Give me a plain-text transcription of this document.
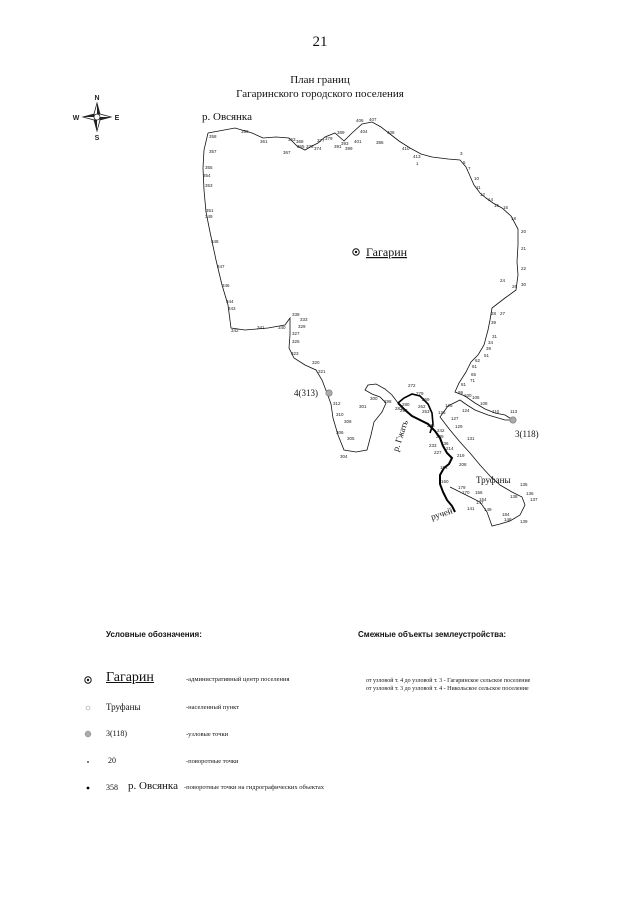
21
План границ
Гагаринского городского поселения
N
S
W	E
Гагарин
4(313)
3(118)
р. Овсянка
Труфаны
ручей
р. Гжать
359
358
361
357
363
367
365 373 374
377 379
389
393
399
401
404
406 407
408
386
410
413
1
3
5
7
10
11
12
14
15 16
18
20
21
22
24
26 30
27
28
39
31
34
39
51
62
61
65
71
81
99
100 105
108
110 113
124
125
126
127
129
131
135
136
137
138
139
148
184
149
147
141
154
156
170
179
160
194
208
219
214
236
227
233
239
242
246
253
262
269
272
279
280
293
283
298
300
301
304
305
306
308
310
312
321
320
323
325
327
329
333
339
340
341
342
343
344
346
347
348
349
351
353
354
355
368
391
Условные обозначения:	Смежные объекты землеустройства:
Гагарин	-административный центр поселения
Труфаны	-населенный пункт
3(118)	-узловые точки
20	-поворотные точки
358 р. Овсянка -поворотные точки на гидрографических объектах
от узловой т. 4 до узловой т. 3 - Гагаринское сельское поселение
от узловой т. 3 до узловой т. 4 - Никольское сельское поселение
